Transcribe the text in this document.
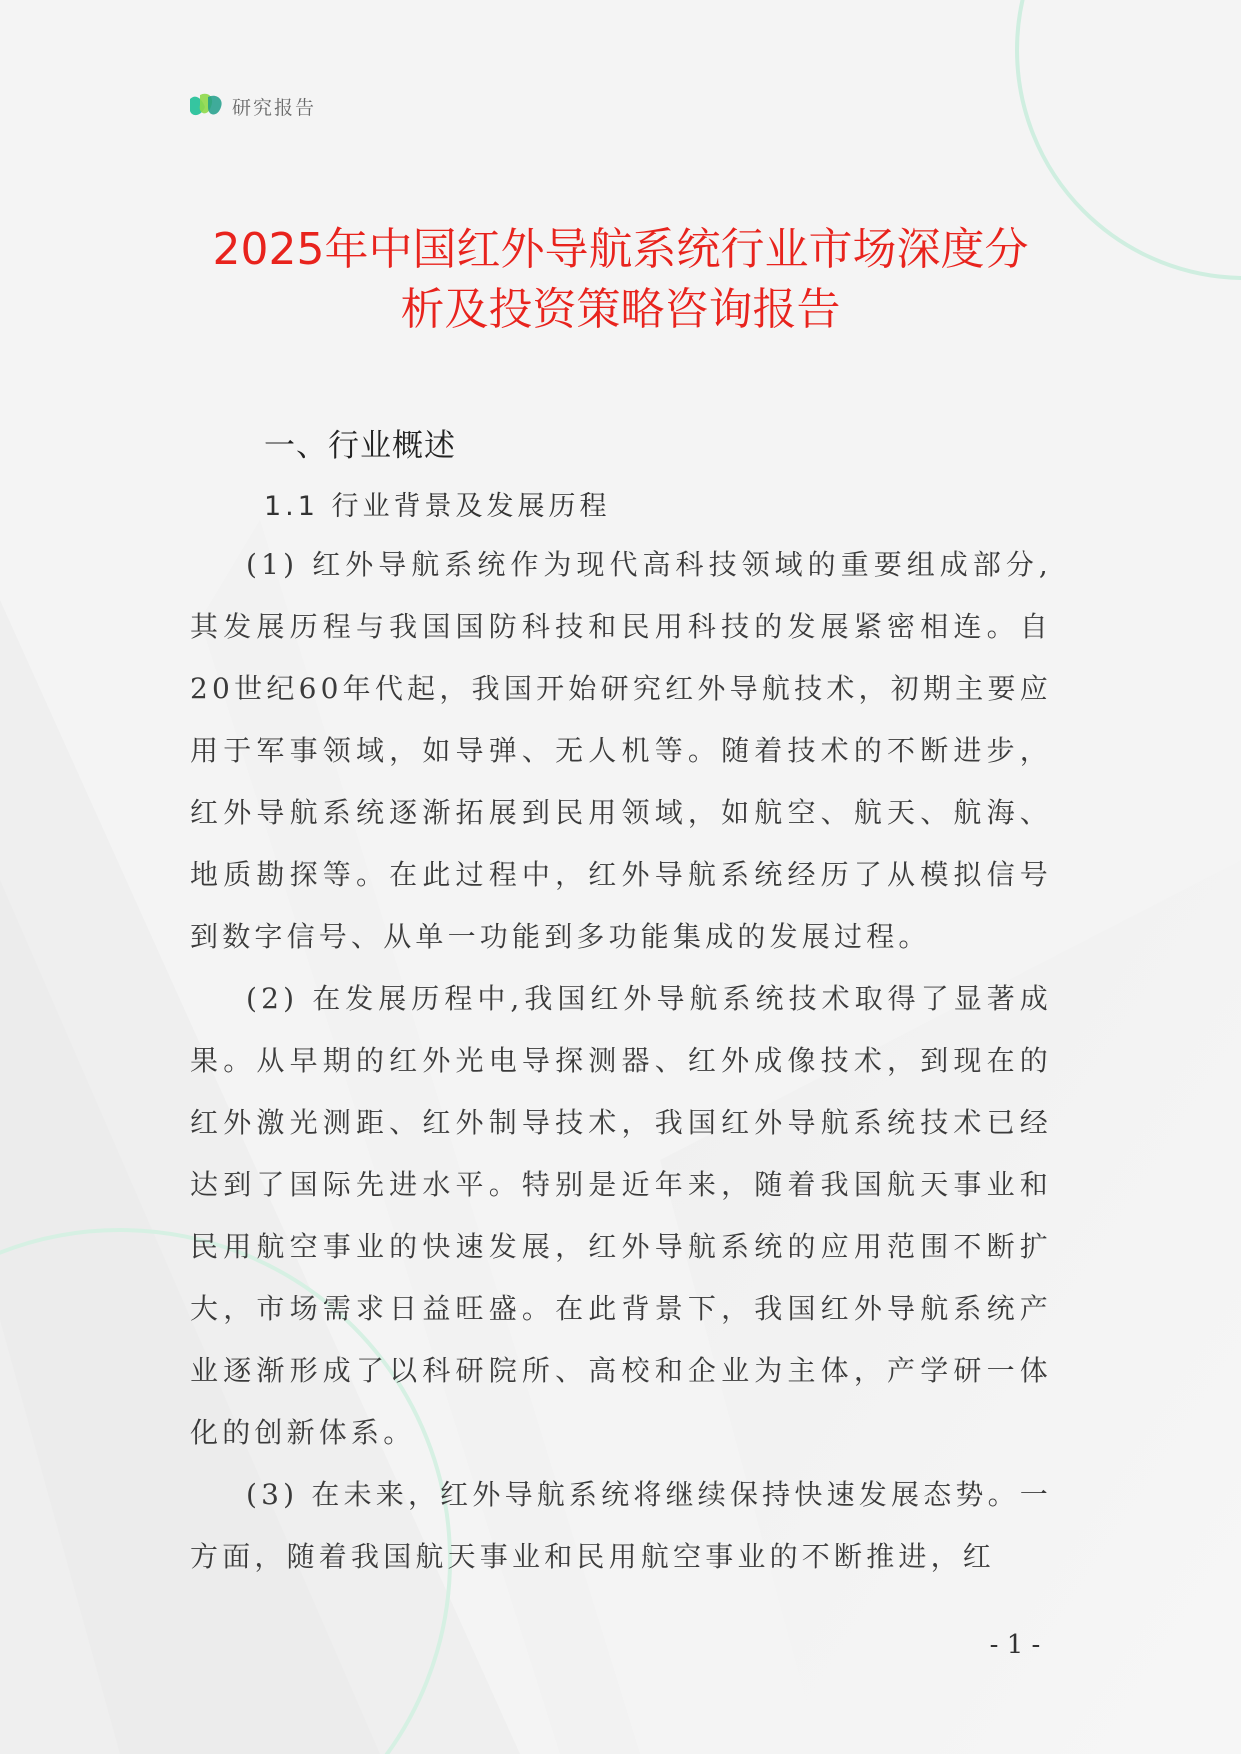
研究报告
2025年中国红外导航系统行业市场深度分
析及投资策略咨询报告
一、行业概述
1.1 行业背景及发展历程

(1) 红外导航系统作为现代高科技领域的重要组成部分,其发展历程与我国国防科技和民用科技的发展紧密相连。自20世纪60年代起，我国开始研究红外导航技术，初期主要应用于军事领域，如导弹、无人机等。随着技术的不断进步，红外导航系统逐渐拓展到民用领域，如航空、航天、航海、地质勘探等。在此过程中，红外导航系统经历了从模拟信号到数字信号、从单一功能到多功能集成的发展过程。

(2) 在发展历程中,我国红外导航系统技术取得了显著成果。从早期的红外光电导探测器、红外成像技术，到现在的红外激光测距、红外制导技术，我国红外导航系统技术已经达到了国际先进水平。特别是近年来，随着我国航天事业和民用航空事业的快速发展，红外导航系统的应用范围不断扩大，市场需求日益旺盛。在此背景下，我国红外导航系统产业逐渐形成了以科研院所、高校和企业为主体，产学研一体化的创新体系。

(3) 在未来，红外导航系统将继续保持快速发展态势。一方面，随着我国航天事业和民用航空事业的不断推进，红

- 1 -
